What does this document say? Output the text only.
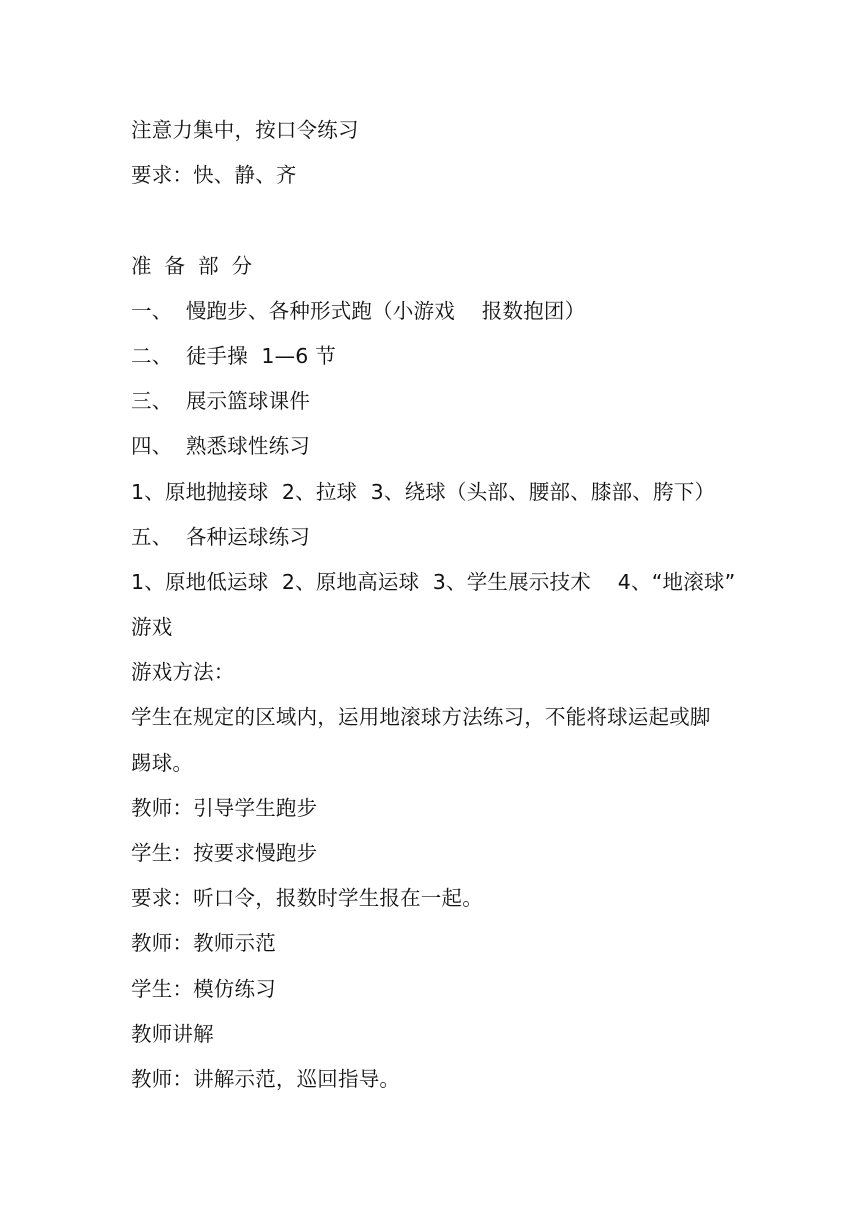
注意力集中，按口令练习
要求：快、静、齐
准  备  部  分
一、  慢跑步、各种形式跑（小游戏    报数抱团）
二、  徒手操  1—6 节
三、  展示篮球课件
四、  熟悉球性练习
1、原地抛接球  2、拉球  3、绕球（头部、腰部、膝部、胯下）
五、  各种运球练习
1、原地低运球  2、原地高运球  3、学生展示技术    4、“地滚球”
游戏
游戏方法：
学生在规定的区域内，运用地滚球方法练习，不能将球运起或脚
踢球。
教师：引导学生跑步
学生：按要求慢跑步
要求：听口令，报数时学生报在一起。
教师：教师示范
学生：模仿练习
教师讲解
教师：讲解示范，巡回指导。
